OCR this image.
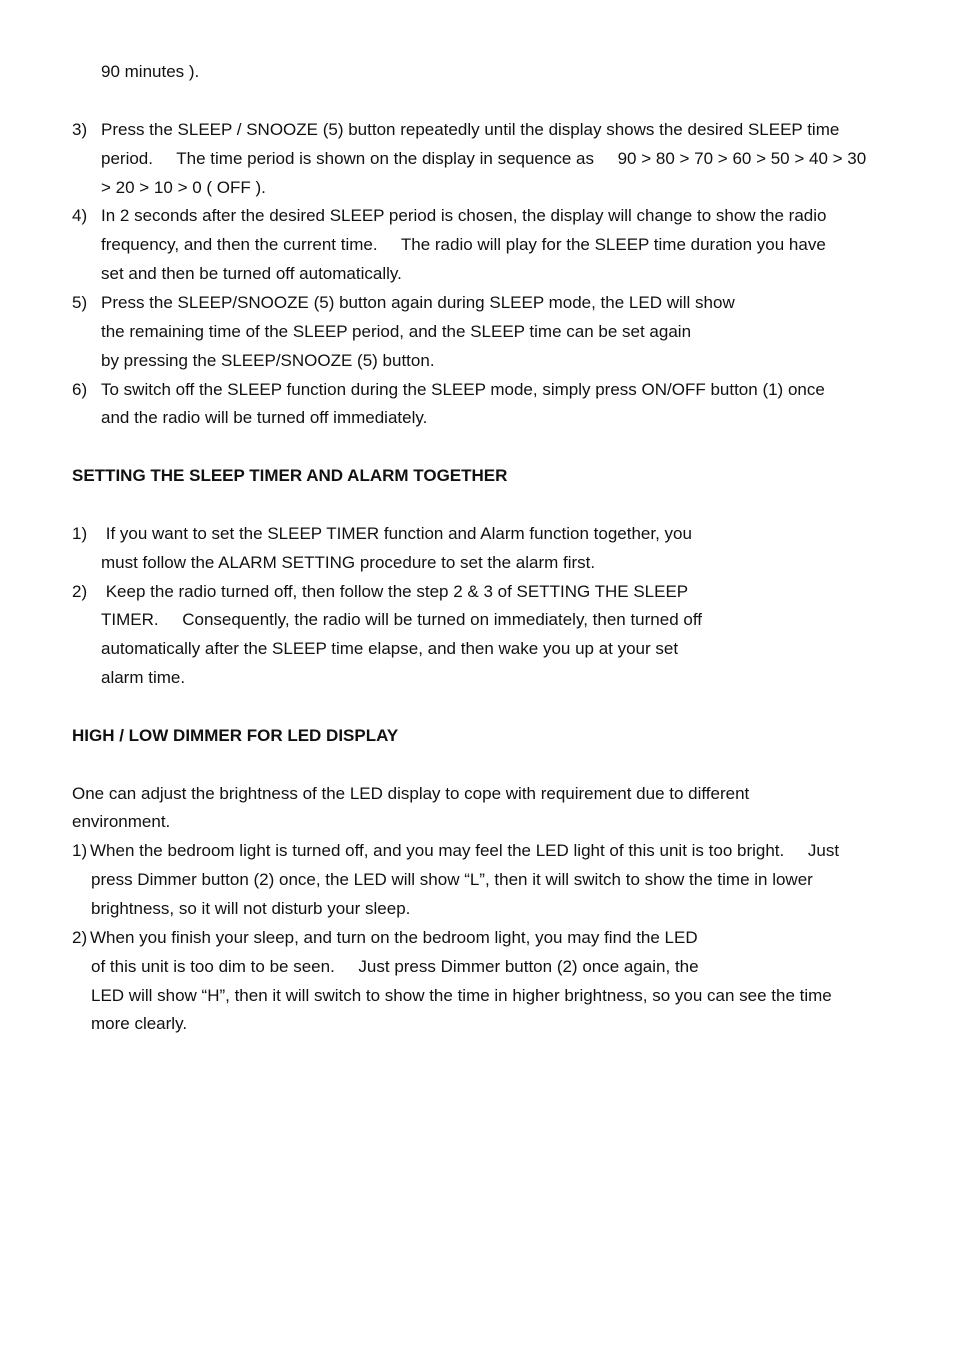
90 minutes ).
3) Press the SLEEP / SNOOZE (5) button repeatedly until the display shows the desired SLEEP time
period.     The time period is shown on the display in sequence as     90 > 80 > 70 > 60 > 50 > 40 > 30
> 20 > 10 > 0 ( OFF ).
4) In 2 seconds after the desired SLEEP period is chosen, the display will change to show the radio
frequency, and then the current time.     The radio will play for the SLEEP time duration you have
set and then be turned off automatically.
5) Press the SLEEP/SNOOZE (5) button again during SLEEP mode, the LED will show
the remaining time of the SLEEP period, and the SLEEP time can be set again
by pressing the SLEEP/SNOOZE (5) button.
6) To switch off the SLEEP function during the SLEEP mode, simply press ON/OFF button (1) once
and the radio will be turned off immediately.
SETTING THE SLEEP TIMER AND ALARM TOGETHER
1) If you want to set the SLEEP TIMER function and Alarm function together, you
must follow the ALARM SETTING procedure to set the alarm first.
2) Keep the radio turned off, then follow the step 2 & 3 of SETTING THE SLEEP
TIMER.     Consequently, the radio will be turned on immediately, then turned off
automatically after the SLEEP time elapse, and then wake you up at your set
alarm time.
HIGH / LOW DIMMER FOR LED DISPLAY
One can adjust the brightness of the LED display to cope with requirement due to different
environment.
1) When the bedroom light is turned off, and you may feel the LED light of this unit is too bright.     Just
press Dimmer button (2) once, the LED will show “L”, then it will switch to show the time in lower
brightness, so it will not disturb your sleep.
2) When you finish your sleep, and turn on the bedroom light, you may find the LED
of this unit is too dim to be seen.     Just press Dimmer button (2) once again, the
LED will show “H”, then it will switch to show the time in higher brightness, so you can see the time
more clearly.
